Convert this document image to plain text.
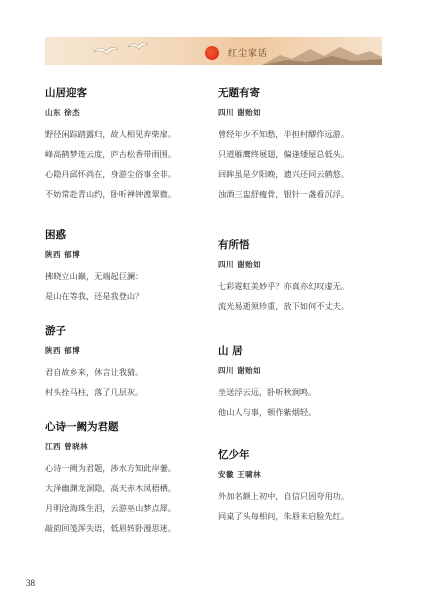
红尘家话

山居迎客

山东 徐杰

野径闲踪踏露归，故人相见弃柴扉。
峰高鹤梦连云度，庐古松香带雨围。
心隐丹邱怀尚在，身游尘俗事全非。
不妨常赴青山约，卧听禅钟渡翠微。

困惑

陕西 郁博

拂晓立山巅，无端起巨澜：
是山在等我，还是我登山？

游子

陕西 郁博

君自故乡来，休言让我猜。
村头拴马柱，落了几层灰。

心诗一阙为君题

江西 曾晓林

心诗一阙为君题，涉水方知此岸萋。
大泽幽渊龙洞隐，高天赤木凤梧栖。
月明沧海珠生泪，云游巫山梦点犀。
敲韵回笺浑失语，低眉转卧漫思迷。

无题有寄

四川 谢贻如

曾经年少不知愁，半担村醪作远游。
只道雁鹰终展翅，偏逢矮屋总低头。
回眸虽是夕阳晚，遗兴还同云鹤悠。
浊酒三盅舒瘦骨，银针一盏看沉浮。

有所悟

四川 谢贻如

七彩霓虹美妙乎？亦真亦幻叹虚无。
流光易逝须珍重，放下如何不丈夫。

山 居

四川 谢贻如

坐送浮云远，卧听秋涧鸣。
他山人与事，顿作紫烟轻。

忆少年

安徽 王啸林

外加名额上初中，自信只因夸用功。
同桌了头每相问，朱唇未启脸先红。
38
